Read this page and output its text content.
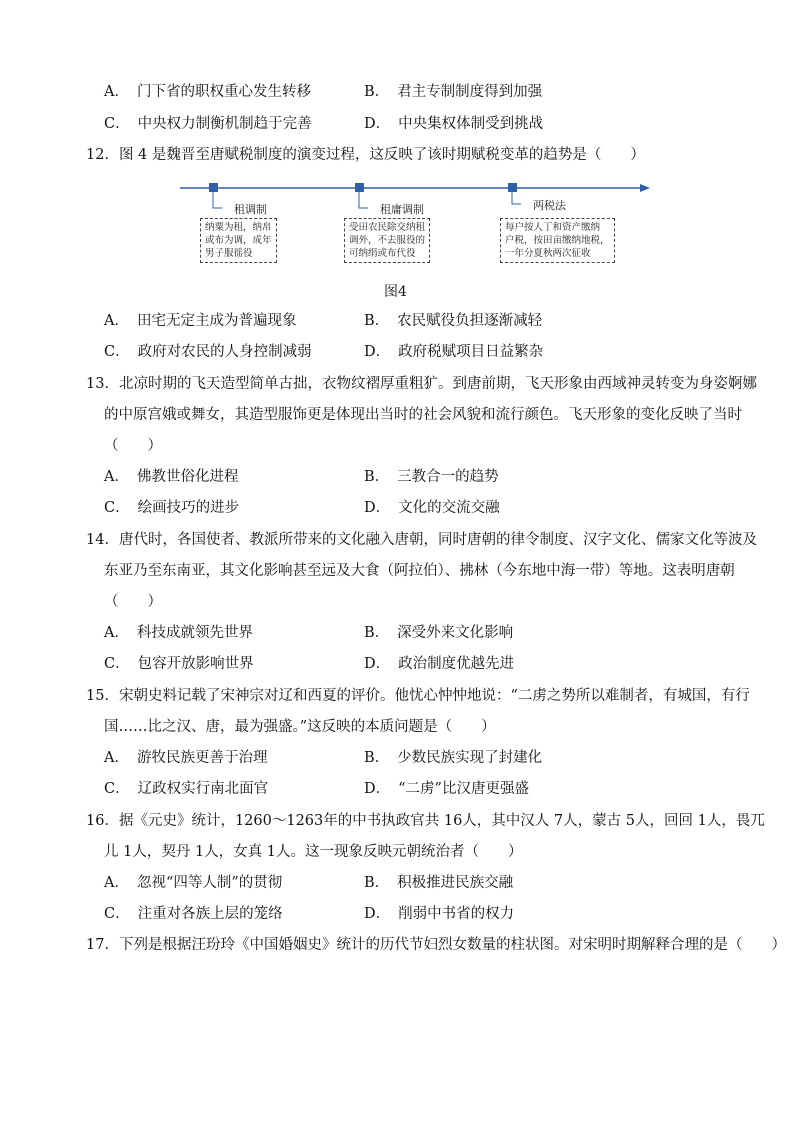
A． 门下省的职权重心发生转移	B． 君主专制制度得到加强
C． 中央权力制衡机制趋于完善	D． 中央集权体制受到挑战
12．图 4 是魏晋至唐赋税制度的演变过程，这反映了该时期赋税变革的趋势是（　　）
租调制	租庸调制	两税法
纳粟为租，纳帛
或布为调，成年
男子服徭役
受田农民除交纳租
调外，不去服役的
可纳绢或布代役
每户按人丁和资产缴纳
户税，按田亩缴纳地税，
一年分夏秋两次征收
图4
A． 田宅无定主成为普遍现象	B． 农民赋役负担逐渐减轻
C． 政府对农民的人身控制减弱	D． 政府税赋项目日益繁杂
13．北凉时期的飞天造型简单古拙，衣物纹褶厚重粗犷。到唐前期，飞天形象由西域神灵转变为身姿婀娜
的中原宫娥或舞女，其造型服饰更是体现出当时的社会风貌和流行颜色。飞天形象的变化反映了当时
（　　）
A． 佛教世俗化进程	B． 三教合一的趋势
C． 绘画技巧的进步	D． 文化的交流交融
14．唐代时，各国使者、教派所带来的文化融入唐朝，同时唐朝的律令制度、汉字文化、儒家文化等波及
东亚乃至东南亚，其文化影响甚至远及大食（阿拉伯）、拂林（今东地中海一带）等地。这表明唐朝
（　　）
A． 科技成就领先世界	B． 深受外来文化影响
C． 包容开放影响世界	D． 政治制度优越先进
15．宋朝史料记载了宋神宗对辽和西夏的评价。他忧心忡忡地说：“二虏之势所以难制者，有城国，有行
国……比之汉、唐，最为强盛。”这反映的本质问题是（　　）
A． 游牧民族更善于治理	B． 少数民族实现了封建化
C． 辽政权实行南北面官	D． “二虏”比汉唐更强盛
16．据《元史》统计，1260～1263年的中书执政官共 16人，其中汉人 7人，蒙古 5人，回回 1人，畏兀
儿 1人，契丹 1人，女真 1人。这一现象反映元朝统治者（　　）
A． 忽视“四等人制”的贯彻	B． 积极推进民族交融
C． 注重对各族上层的笼络	D． 削弱中书省的权力
17．下列是根据汪玢玲《中国婚姻史》统计的历代节妇烈女数量的柱状图。对宋明时期解释合理的是（　　）
